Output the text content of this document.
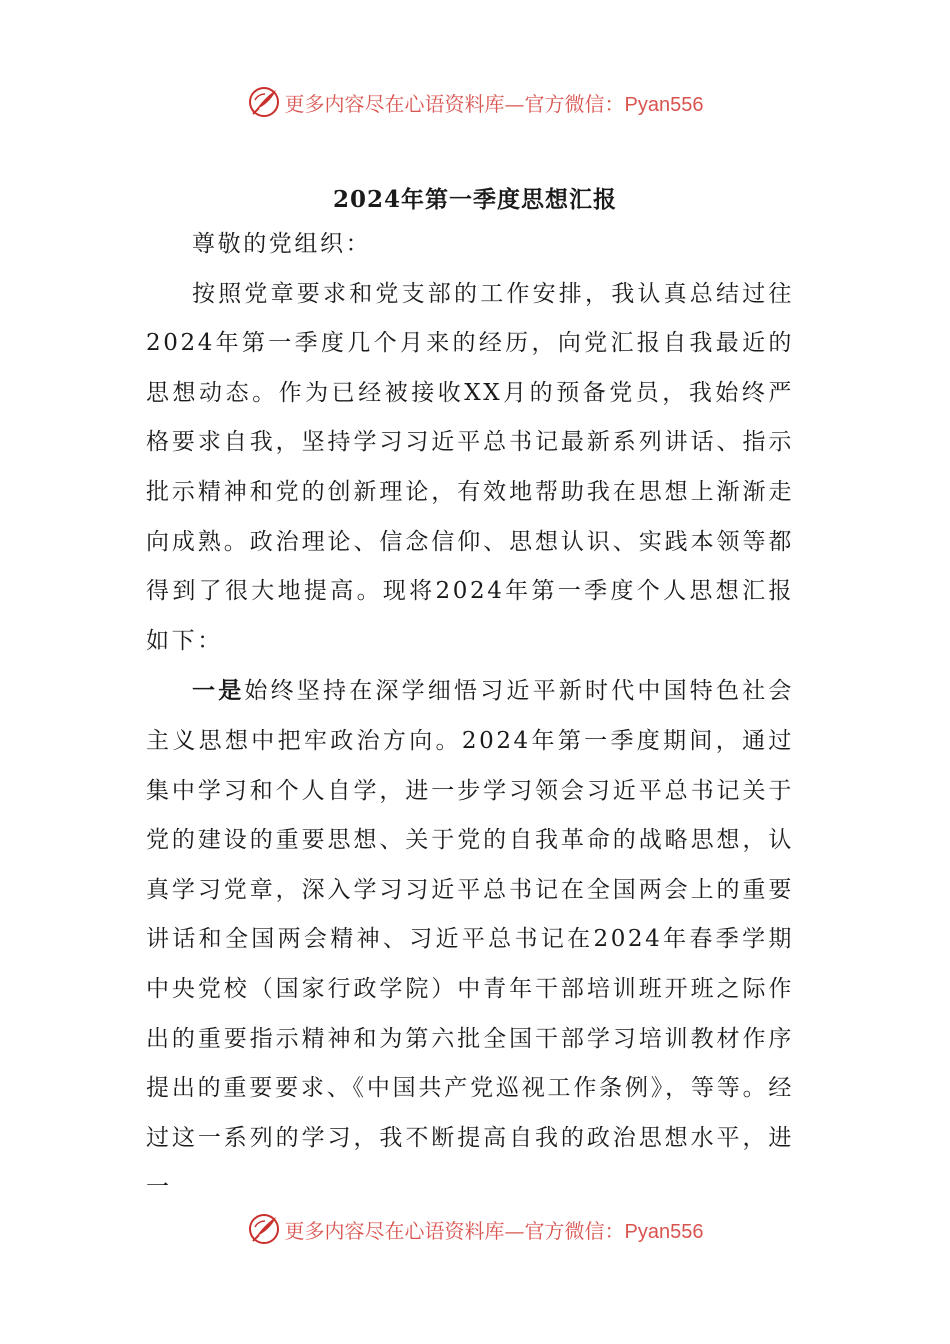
更多内容尽在心语资料库—官方微信：Pyan556
2024年第一季度思想汇报

尊敬的党组织：

按照党章要求和党支部的工作安排，我认真总结过往2024年第一季度几个月来的经历，向党汇报自我最近的思想动态。作为已经被接收XX月的预备党员，我始终严格要求自我，坚持学习习近平总书记最新系列讲话、指示批示精神和党的创新理论，有效地帮助我在思想上渐渐走向成熟。政治理论、信念信仰、思想认识、实践本领等都得到了很大地提高。现将2024年第一季度个人思想汇报如下：

一是始终坚持在深学细悟习近平新时代中国特色社会主义思想中把牢政治方向。2024年第一季度期间，通过集中学习和个人自学，进一步学习领会习近平总书记关于党的建设的重要思想、关于党的自我革命的战略思想，认真学习党章，深入学习习近平总书记在全国两会上的重要讲话和全国两会精神、习近平总书记在2024年春季学期中央党校（国家行政学院）中青年干部培训班开班之际作出的重要指示精神和为第六批全国干部学习培训教材作序提出的重要要求、《中国共产党巡视工作条例》，等等。经过这一系列的学习，我不断提高自我的政治思想水平，进一

更多内容尽在心语资料库—官方微信：Pyan556
